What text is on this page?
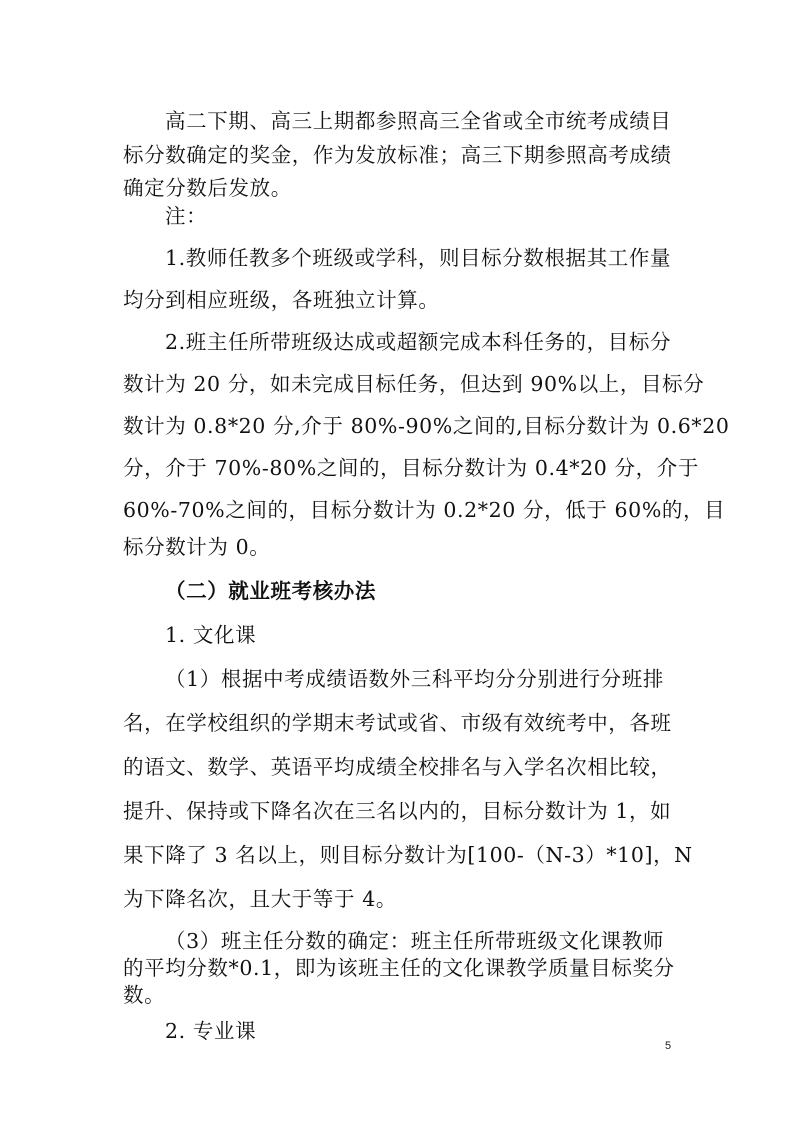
高二下期、高三上期都参照高三全省或全市统考成绩目
标分数确定的奖金，作为发放标准；高三下期参照高考成绩
确定分数后发放。
注：
1.教师任教多个班级或学科，则目标分数根据其工作量
均分到相应班级，各班独立计算。
2.班主任所带班级达成或超额完成本科任务的，目标分
数计为 20 分，如未完成目标任务，但达到 90%以上，目标分
数计为 0.8*20 分,介于 80%-90%之间的,目标分数计为 0.6*20
分，介于 70%-80%之间的，目标分数计为 0.4*20 分，介于
60%-70%之间的，目标分数计为 0.2*20 分，低于 60%的，目
标分数计为 0。
（二）就业班考核办法
1. 文化课
（1）根据中考成绩语数外三科平均分分别进行分班排
名，在学校组织的学期末考试或省、市级有效统考中，各班
的语文、数学、英语平均成绩全校排名与入学名次相比较，
提升、保持或下降名次在三名以内的，目标分数计为 1，如
果下降了 3 名以上，则目标分数计为[100-（N-3）*10]，N
为下降名次，且大于等于 4。
（3）班主任分数的确定：班主任所带班级文化课教师
的平均分数*0.1，即为该班主任的文化课教学质量目标奖分
数。
2. 专业课
5
